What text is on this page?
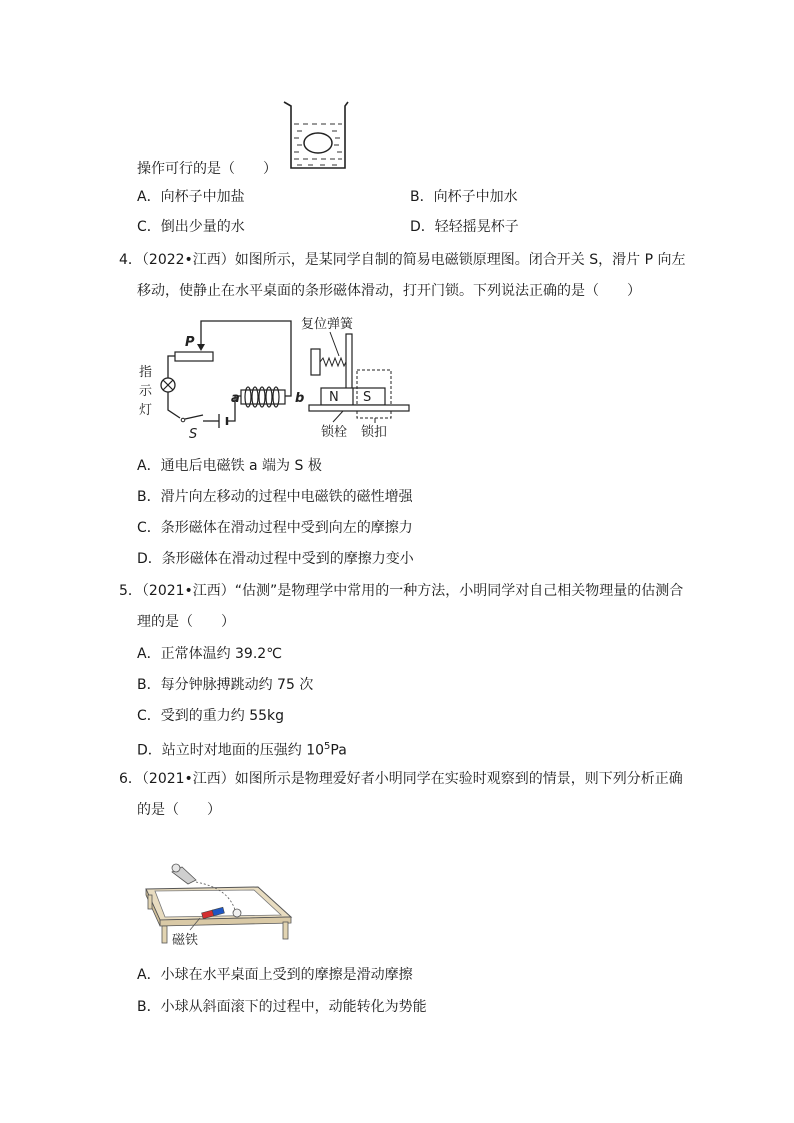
操作可行的是（　　）
A．向杯子中加盐	B．向杯子中加水
C．倒出少量的水	D．轻轻摇晃杯子
4．（2022•江西）如图所示，是某同学自制的简易电磁锁原理图。闭合开关 S，滑片 P 向左
移动，使静止在水平桌面的条形磁体滑动，打开门锁。下列说法正确的是（　　）
P
指
示
灯
S
a	b
复位弹簧
N S
锁栓 锁扣
A．通电后电磁铁 a 端为 S 极
B．滑片向左移动的过程中电磁铁的磁性增强
C．条形磁体在滑动过程中受到向左的摩擦力
D．条形磁体在滑动过程中受到的摩擦力变小
5．（2021•江西）“估测”是物理学中常用的一种方法，小明同学对自己相关物理量的估测合
理的是（　　）
A．正常体温约 39.2℃
B．每分钟脉搏跳动约 75 次
C．受到的重力约 55kg
D．站立时对地面的压强约 $10^5Pa$
6．（2021•江西）如图所示是物理爱好者小明同学在实验时观察到的情景，则下列分析正确
的是（　　）
磁铁
A．小球在水平桌面上受到的摩擦是滑动摩擦
B．小球从斜面滚下的过程中，动能转化为势能
